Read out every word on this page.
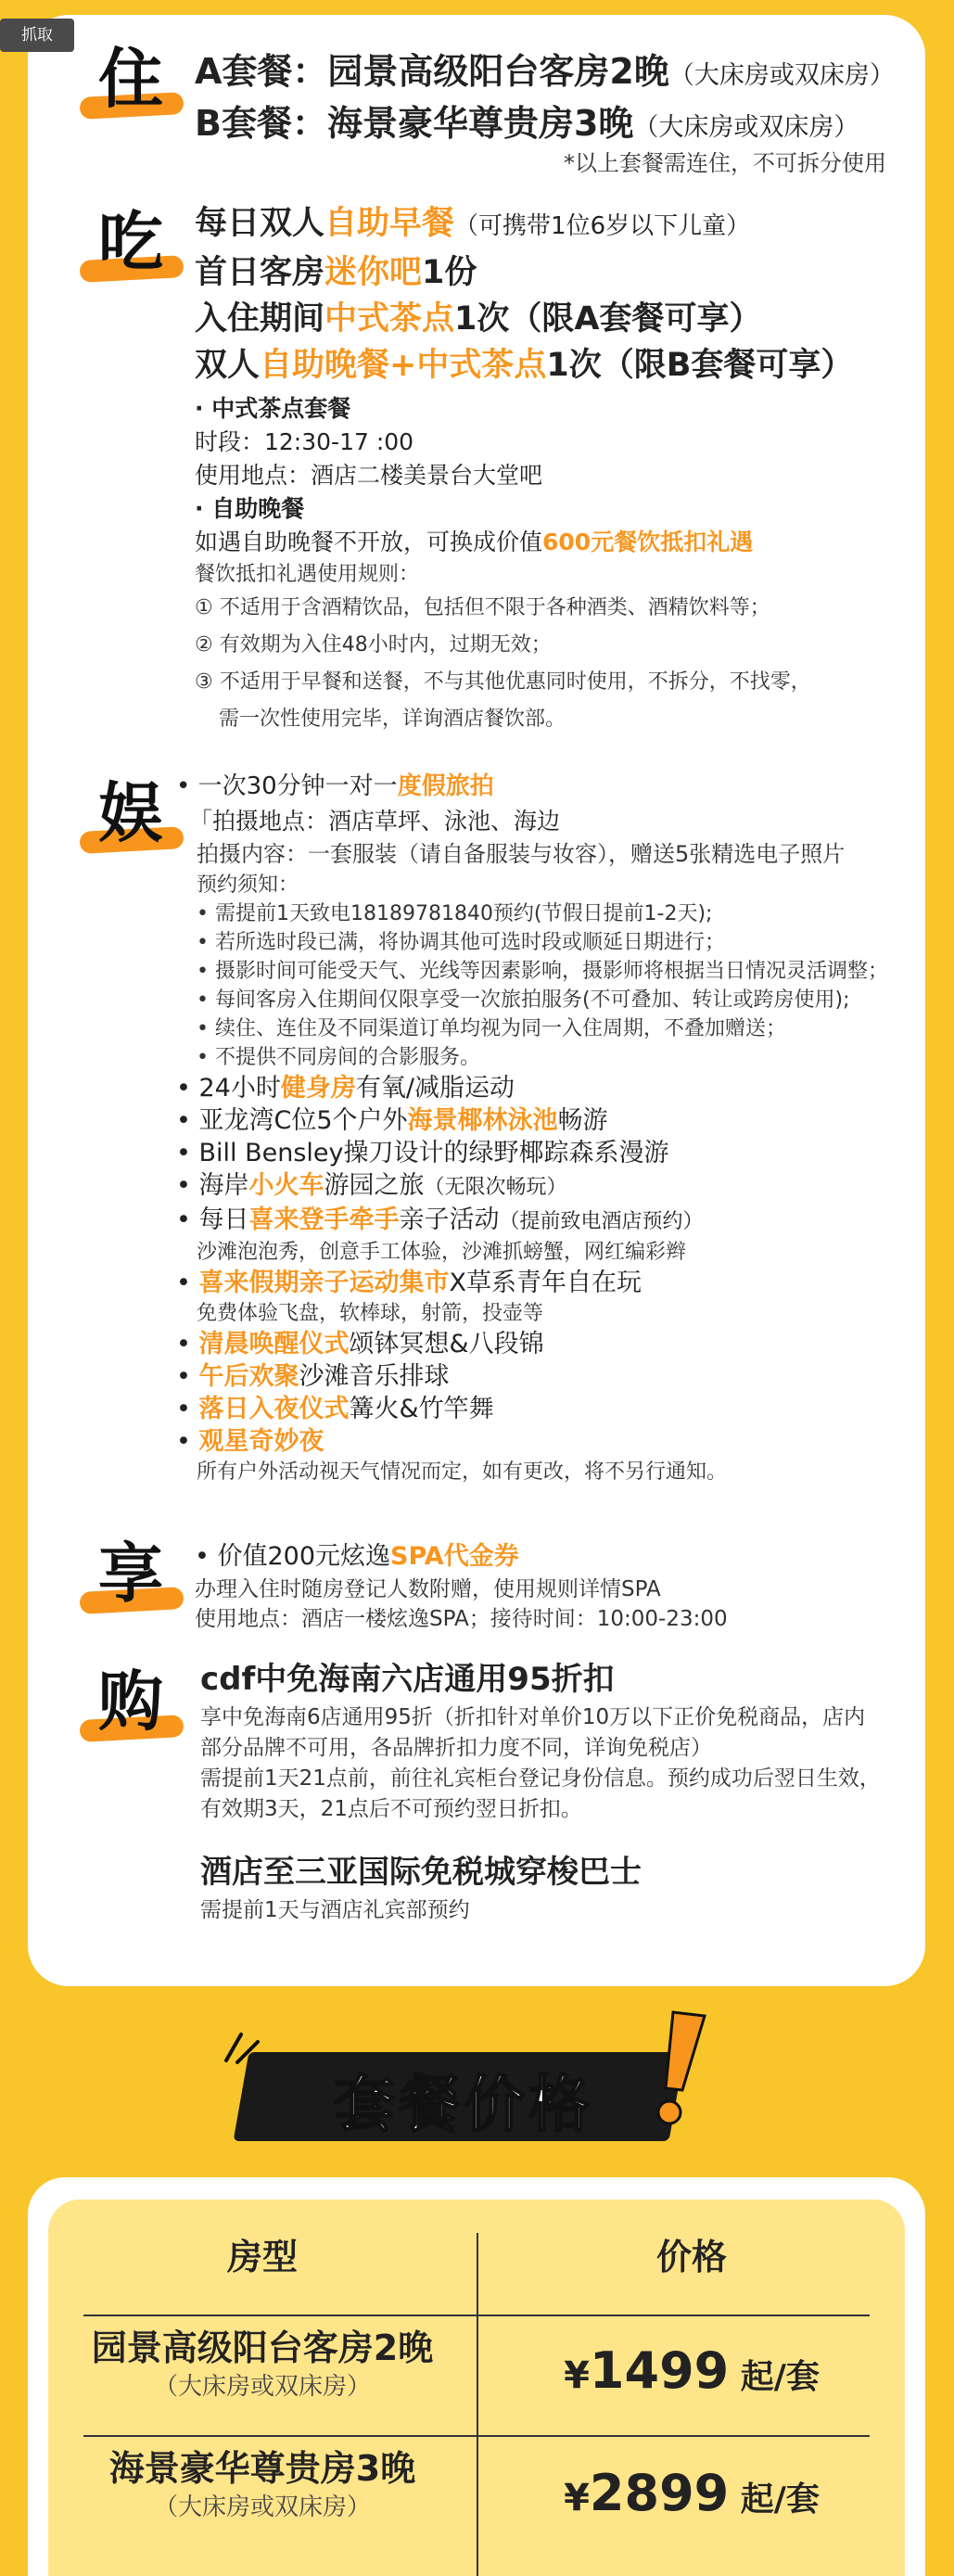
抓取
住 A套餐：园景高级阳台客房2晚（大床房或双床房）
B套餐：海景豪华尊贵房3晚（大床房或双床房）
*以上套餐需连住，不可拆分使用
吃 每日双人自助早餐（可携带1位6岁以下儿童）
首日客房迷你吧1份
入住期间中式茶点1次（限A套餐可享）
双人自助晚餐+中式茶点1次（限B套餐可享）
· 中式茶点套餐
时段：12:30-17 :00
使用地点：酒店二楼美景台大堂吧
· 自助晚餐
如遇自助晚餐不开放，可换成价值600元餐饮抵扣礼遇
餐饮抵扣礼遇使用规则：
① 不适用于含酒精饮品，包括但不限于各种酒类、酒精饮料等；
② 有效期为入住48小时内，过期无效；
③ 不适用于早餐和送餐，不与其他优惠同时使用，不拆分，不找零，
需一次性使用完毕，详询酒店餐饮部。
娱 • 一次30分钟一对一度假旅拍
「拍摄地点：酒店草坪、泳池、海边
拍摄内容：一套服装（请自备服装与妆容），赠送5张精选电子照片
预约须知：
• 需提前1天致电18189781840预约(节假日提前1-2天);
• 若所选时段已满，将协调其他可选时段或顺延日期进行；
• 摄影时间可能受天气、光线等因素影响，摄影师将根据当日情况灵活调整；
• 每间客房入住期间仅限享受一次旅拍服务(不可叠加、转让或跨房使用);
• 续住、连住及不同渠道订单均视为同一入住周期，不叠加赠送；
• 不提供不同房间的合影服务。
• 24小时健身房有氧/减脂运动
• 亚龙湾C位5个户外海景椰林泳池畅游
• Bill Bensley操刀设计的绿野椰踪森系漫游
• 海岸小火车游园之旅（无限次畅玩）
• 每日喜来登手牵手亲子活动（提前致电酒店预约）
沙滩泡泡秀，创意手工体验，沙滩抓螃蟹，网红编彩辫
• 喜来假期亲子运动集市X草系青年自在玩
免费体验飞盘，软棒球，射箭，投壶等
• 清晨唤醒仪式颂钵冥想&八段锦
• 午后欢聚沙滩音乐排球
• 落日入夜仪式篝火&竹竿舞
• 观星奇妙夜
所有户外活动视天气情况而定，如有更改，将不另行通知。
享	• 价值200元炫逸SPA代金券
办理入住时随房登记人数附赠，使用规则详情SPA
使用地点：酒店一楼炫逸SPA；接待时间：10:00-23:00
购	cdf中免海南六店通用95折扣
享中免海南6店通用95折（折扣针对单价10万以下正价免税商品，店内
部分品牌不可用，各品牌折扣力度不同，详询免税店）
需提前1天21点前，前往礼宾柜台登记身份信息。预约成功后翌日生效，
有效期3天，21点后不可预约翌日折扣。
酒店至三亚国际免税城穿梭巴士
需提前1天与酒店礼宾部预约
套餐价格
房型	价格
园景高级阳台客房2晚
（大床房或双床房）	¥1499 起/套
海景豪华尊贵房3晚
（大床房或双床房）	¥2899 起/套
